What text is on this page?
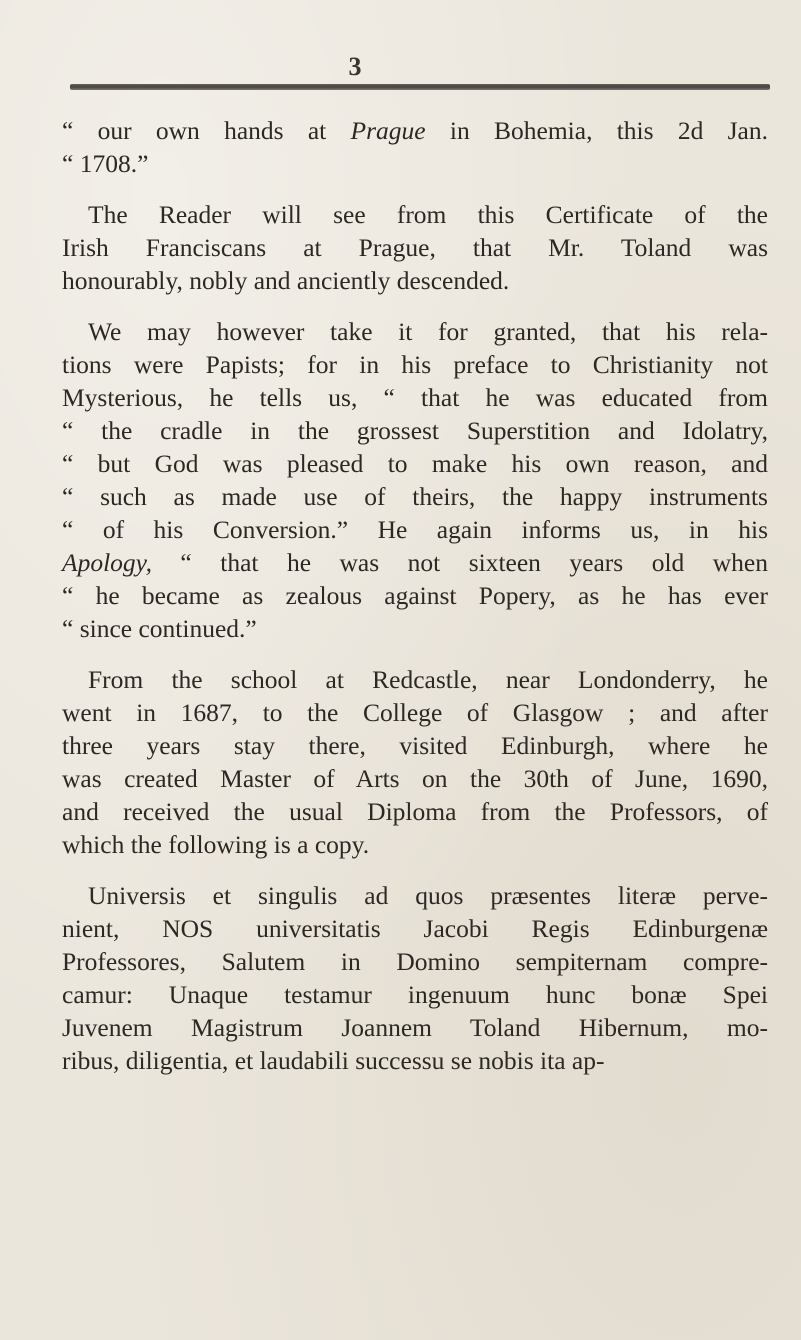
3
“ our own hands at Prague in Bohemia, this 2d Jan.
“ 1708.”
The Reader will see from this Certificate of the
Irish Franciscans at Prague, that Mr. Toland was
honourably, nobly and anciently descended.
We may however take it for granted, that his rela-
tions were Papists; for in his preface to Christianity not
Mysterious, he tells us, “ that he was educated from
“ the cradle in the grossest Superstition and Idolatry,
“ but God was pleased to make his own reason, and
“ such as made use of theirs, the happy instruments
“ of his Conversion.” He again informs us, in his
Apology, “ that he was not sixteen years old when
“ he became as zealous against Popery, as he has ever
“ since continued.”
From the school at Redcastle, near Londonderry, he
went in 1687, to the College of Glasgow ; and after
three years stay there, visited Edinburgh, where he
was created Master of Arts on the 30th of June, 1690,
and received the usual Diploma from the Professors, of
which the following is a copy.
Universis et singulis ad quos præsentes literæ perve-
nient, NOS universitatis Jacobi Regis Edinburgenæ
Professores, Salutem in Domino sempiternam compre-
camur: Unaque testamur ingenuum hunc bonæ Spei
Juvenem Magistrum Joannem Toland Hibernum, mo-
ribus, diligentia, et laudabili successu se nobis ita ap-
